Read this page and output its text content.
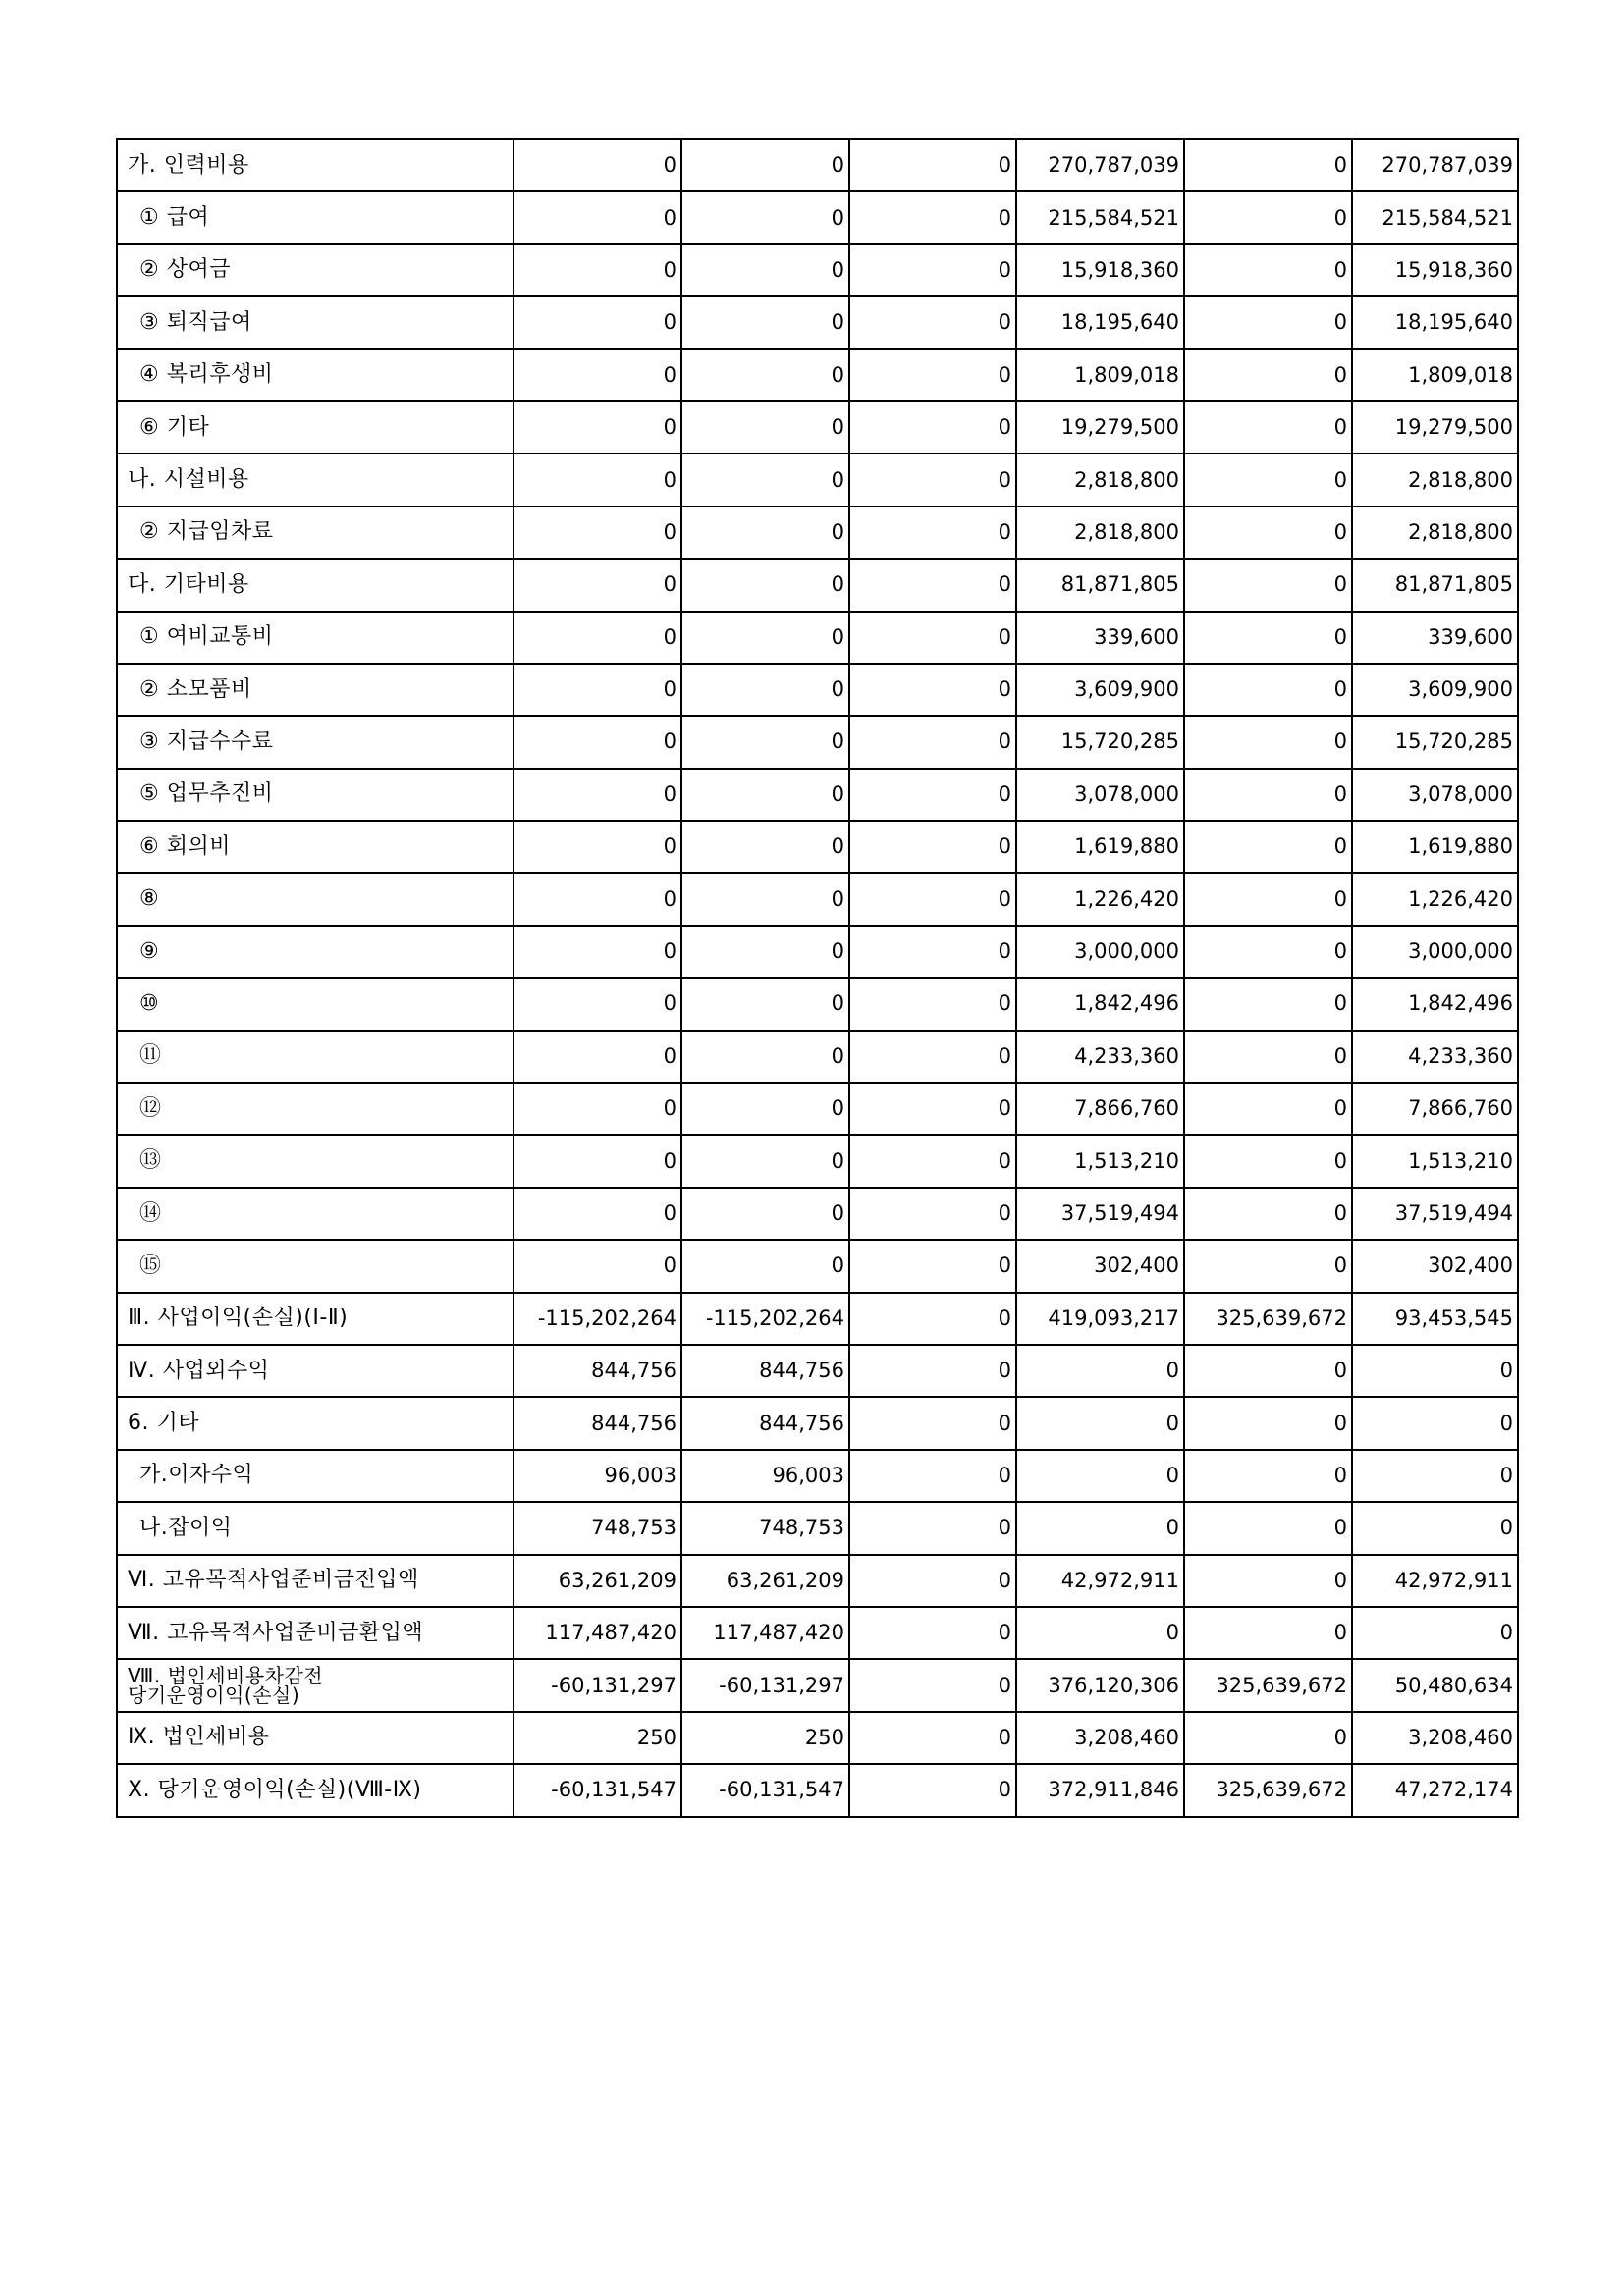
가. 인력비용	0	0	0	270,787,039	0	270,787,039
① 급여	0	0	0	215,584,521	0	215,584,521
② 상여금	0	0	0	15,918,360	0	15,918,360
③ 퇴직급여	0	0	0	18,195,640	0	18,195,640
④ 복리후생비	0	0	0	1,809,018	0	1,809,018
⑥ 기타	0	0	0	19,279,500	0	19,279,500
나. 시설비용	0	0	0	2,818,800	0	2,818,800
② 지급임차료	0	0	0	2,818,800	0	2,818,800
다. 기타비용	0	0	0	81,871,805	0	81,871,805
① 여비교통비	0	0	0	339,600	0	339,600
② 소모품비	0	0	0	3,609,900	0	3,609,900
③ 지급수수료	0	0	0	15,720,285	0	15,720,285
⑤ 업무추진비	0	0	0	3,078,000	0	3,078,000
⑥ 회의비	0	0	0	1,619,880	0	1,619,880
⑧	0	0	0	1,226,420	0	1,226,420
⑨	0	0	0	3,000,000	0	3,000,000
⑩	0	0	0	1,842,496	0	1,842,496
⑪	0	0	0	4,233,360	0	4,233,360
⑫	0	0	0	7,866,760	0	7,866,760
⑬	0	0	0	1,513,210	0	1,513,210
⑭	0	0	0	37,519,494	0	37,519,494
⑮	0	0	0	302,400	0	302,400
Ⅲ. 사업이익(손실)(Ⅰ-Ⅱ)	-115,202,264	-115,202,264	0	419,093,217	325,639,672	93,453,545
Ⅳ. 사업외수익	844,756	844,756	0	0	0	0
6. 기타	844,756	844,756	0	0	0	0
가.이자수익	96,003	96,003	0	0	0	0
나.잡이익	748,753	748,753	0	0	0	0
Ⅵ. 고유목적사업준비금전입액	63,261,209	63,261,209	0	42,972,911	0	42,972,911
Ⅶ. 고유목적사업준비금환입액	117,487,420	117,487,420	0	0	0	0

Ⅷ. 법인세비용차감전
당기운영이익(손실)	-60,131,297	-60,131,297	0	376,120,306	325,639,672	50,480,634
Ⅸ. 법인세비용	250	250	0	3,208,460	0	3,208,460
Ⅹ. 당기운영이익(손실)(Ⅷ-Ⅸ)	-60,131,547	-60,131,547	0	372,911,846	325,639,672	47,272,174
